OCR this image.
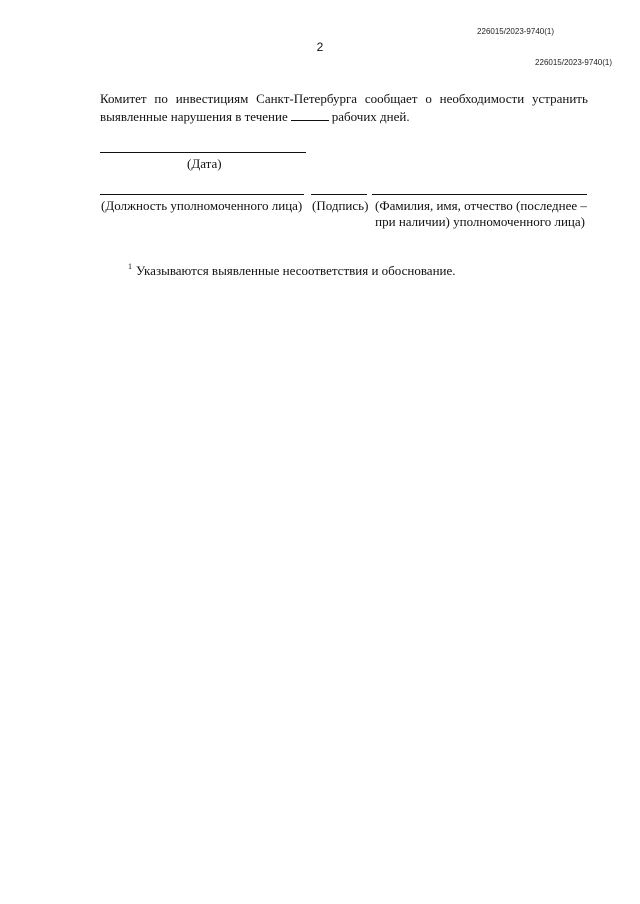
226015/2023-9740(1)
2
226015/2023-9740(1)
Комитет по инвестициям Санкт-Петербурга сообщает о необходимости устранить
выявленные нарушения в течение	рабочих дней.
(Дата)
(Должность уполномоченного лица) (Подпись) (Фамилия, имя, отчество (последнее –
при наличии) уполномоченного лица)
$^1$ Указываются выявленные несоответствия и обоснование.
